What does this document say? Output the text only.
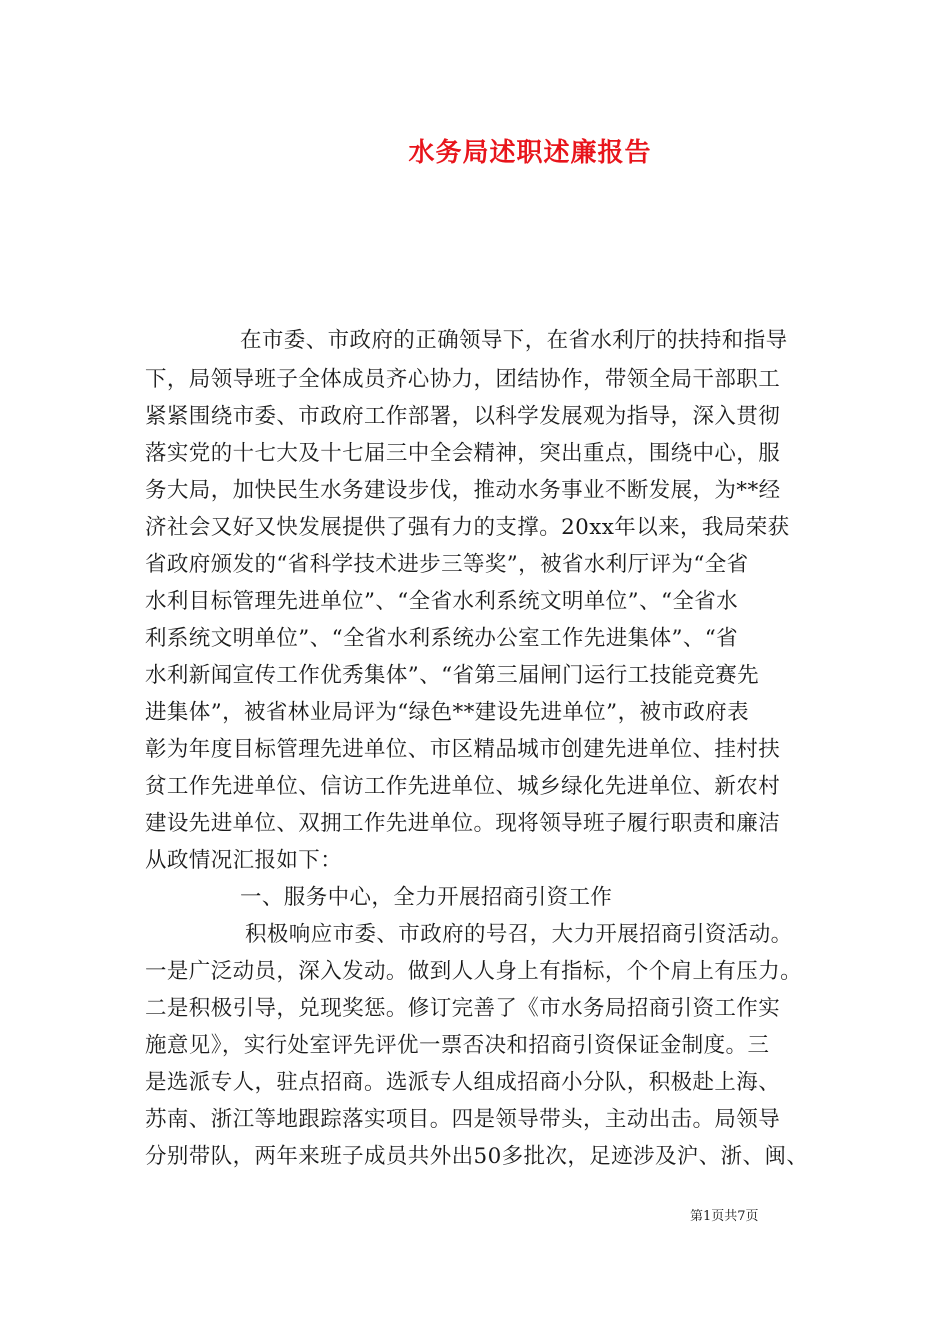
水务局述职述廉报告
在市委、市政府的正确领导下，在省水利厅的扶持和指导
下，局领导班子全体成员齐心协力，团结协作，带领全局干部职工
紧紧围绕市委、市政府工作部署，以科学发展观为指导，深入贯彻
落实党的十七大及十七届三中全会精神，突出重点，围绕中心，服
务大局，加快民生水务建设步伐，推动水务事业不断发展，为**经
济社会又好又快发展提供了强有力的支撑。20xx年以来，我局荣获
省政府颁发的“省科学技术进步三等奖”，被省水利厅评为“全省
水利目标管理先进单位”、“全省水利系统文明单位”、“全省水
利系统文明单位”、“全省水利系统办公室工作先进集体”、“省
水利新闻宣传工作优秀集体”、“省第三届闸门运行工技能竞赛先
进集体”，被省林业局评为“绿色**建设先进单位”，被市政府表
彰为年度目标管理先进单位、市区精品城市创建先进单位、挂村扶
贫工作先进单位、信访工作先进单位、城乡绿化先进单位、新农村
建设先进单位、双拥工作先进单位。现将领导班子履行职责和廉洁
从政情况汇报如下：
一、服务中心，全力开展招商引资工作
积极响应市委、市政府的号召，大力开展招商引资活动。
一是广泛动员，深入发动。做到人人身上有指标，个个肩上有压力。
二是积极引导，兑现奖惩。修订完善了《市水务局招商引资工作实
施意见》，实行处室评先评优一票否决和招商引资保证金制度。三
是选派专人，驻点招商。选派专人组成招商小分队，积极赴上海、
苏南、浙江等地跟踪落实项目。四是领导带头，主动出击。局领导
分别带队，两年来班子成员共外出50多批次，足迹涉及沪、浙、闽、
第1页共7页
